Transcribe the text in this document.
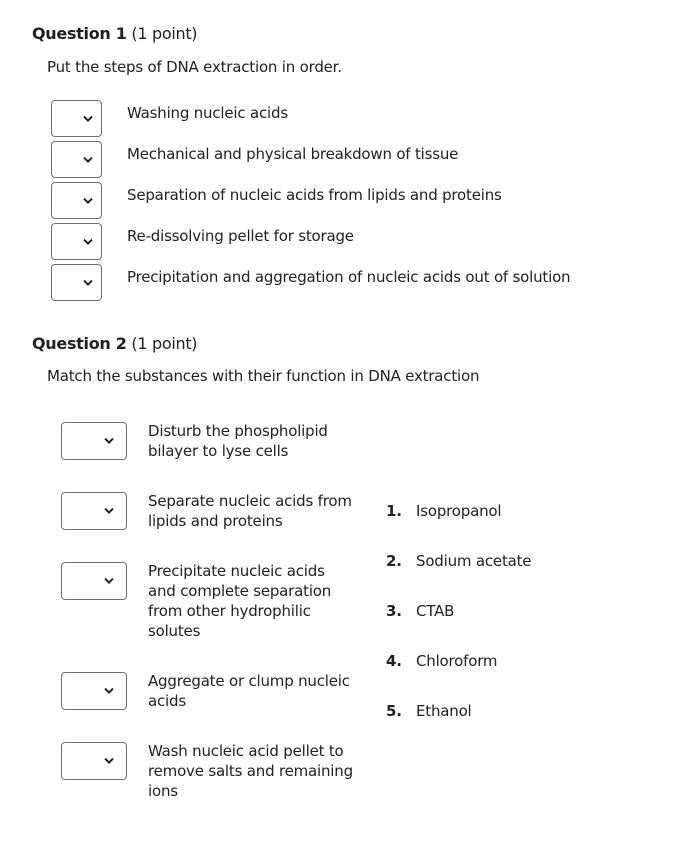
Question 1 (1 point)
Put the steps of DNA extraction in order.
Washing nucleic acids
Mechanical and physical breakdown of tissue
Separation of nucleic acids from lipids and proteins
Re-dissolving pellet for storage
Precipitation and aggregation of nucleic acids out of solution
Question 2 (1 point)
Match the substances with their function in DNA extraction
Disturb the phospholipid bilayer to lyse cells
Separate nucleic acids from lipids and proteins
Precipitate nucleic acids and complete separation from other hydrophilic solutes
Aggregate or clump nucleic acids
Wash nucleic acid pellet to remove salts and remaining ions
1. Isopropanol
2. Sodium acetate
3. CTAB
4. Chloroform
5. Ethanol
